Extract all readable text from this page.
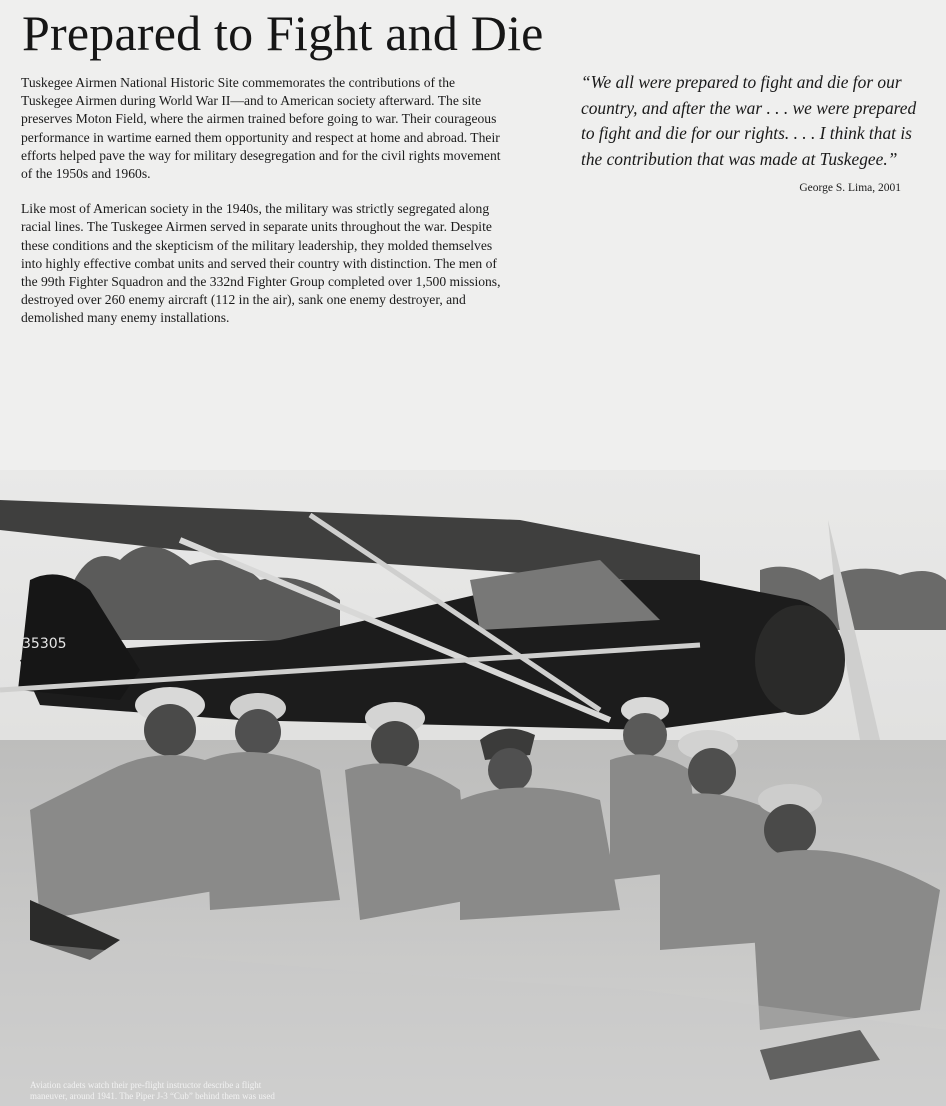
Prepared to Fight and Die

Tuskegee Airmen National Historic Site commemorates the contributions of the Tuskegee Airmen during World War II—and to American society afterward. The site preserves Moton Field, where the airmen trained before going to war. Their courageous performance in wartime earned them opportunity and respect at home and abroad. Their efforts helped pave the way for military desegregation and for the civil rights movement of the 1950s and 1960s.

Like most of American society in the 1940s, the military was strictly segregated along racial lines. The Tuskegee Airmen served in separate units throughout the war. Despite these conditions and the skepticism of the military leadership, they molded themselves into highly effective combat units and served their country with distinction. The men of the 99th Fighter Squadron and the 332nd Fighter Group completed over 1,500 missions, destroyed over 260 enemy aircraft (112 in the air), sank one enemy destroyer, and demolished many enemy installations.

“We all were prepared to fight and die for our country, and after the war . . . we were prepared to fight and die for our rights. . . . I think that is the contribution that was made at Tuskegee.”

George S. Lima, 2001
35305
Aviation cadets watch their pre-flight instructor describe a flight
maneuver, around 1941. The Piper J-3 “Cub” behind them was used
